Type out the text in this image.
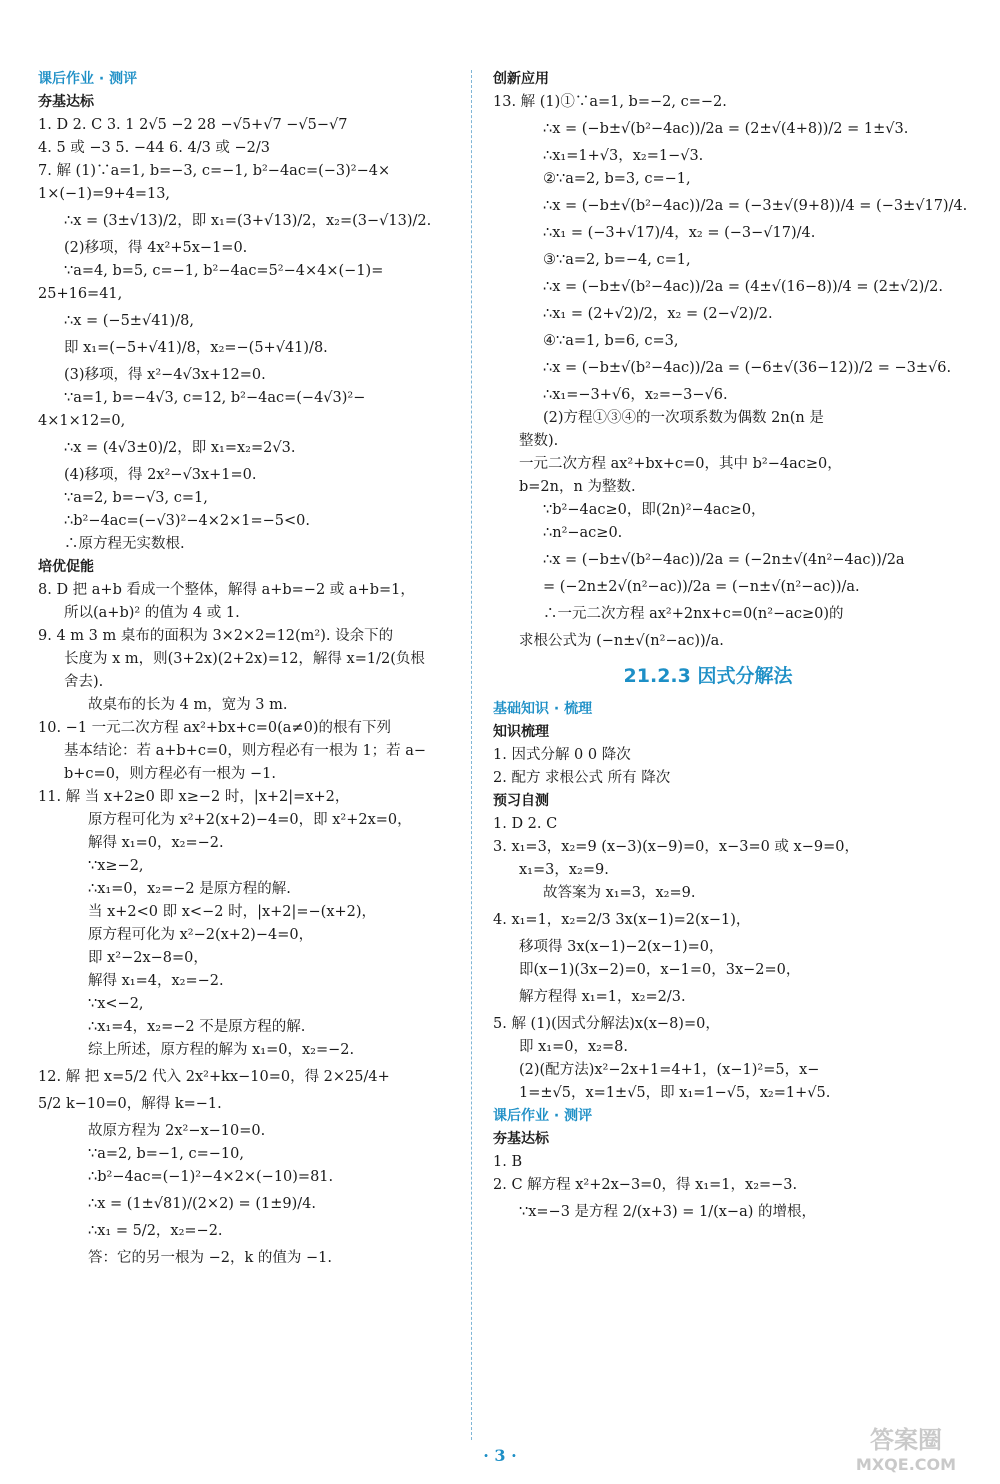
课后作业 · 测评
夯基达标
1. D 2. C 3. 1 2√5 −2 28 −√5+√7 −√5−√7
4. 5 或 −3 5. −44 6. 4/3 或 −2/3
7. 解 (1)∵a=1, b=−3, c=−1, b²−4ac=(−3)²−4×
1×(−1)=9+4=13,
∴x = (3±√13)/2，即 x₁=(3+√13)/2，x₂=(3−√13)/2.
(2)移项，得 4x²+5x−1=0.
∵a=4, b=5, c=−1, b²−4ac=5²−4×4×(−1)=
25+16=41,
∴x = (−5±√41)/8,
即 x₁=(−5+√41)/8，x₂=−(5+√41)/8.
(3)移项，得 x²−4√3x+12=0.
∵a=1, b=−4√3, c=12, b²−4ac=(−4√3)²−
4×1×12=0,
∴x = (4√3±0)/2，即 x₁=x₂=2√3.
(4)移项，得 2x²−√3x+1=0.
∵a=2, b=−√3, c=1,
∴b²−4ac=(−√3)²−4×2×1=−5<0.
∴原方程无实数根.
培优促能
8. D 把 a+b 看成一个整体，解得 a+b=−2 或 a+b=1，
所以(a+b)² 的值为 4 或 1.
9. 4 m 3 m 桌布的面积为 3×2×2=12(m²). 设余下的
长度为 x m，则(3+2x)(2+2x)=12，解得 x=1/2(负根
舍去).
故桌布的长为 4 m，宽为 3 m.
10. −1 一元二次方程 ax²+bx+c=0(a≠0)的根有下列
基本结论：若 a+b+c=0，则方程必有一根为 1；若 a−
b+c=0，则方程必有一根为 −1.
11. 解 当 x+2≥0 即 x≥−2 时，|x+2|=x+2，
原方程可化为 x²+2(x+2)−4=0，即 x²+2x=0，
解得 x₁=0，x₂=−2.
∵x≥−2,
∴x₁=0，x₂=−2 是原方程的解.
当 x+2<0 即 x<−2 时，|x+2|=−(x+2)，
原方程可化为 x²−2(x+2)−4=0，
即 x²−2x−8=0，
解得 x₁=4，x₂=−2.
∵x<−2,
∴x₁=4，x₂=−2 不是原方程的解.
综上所述，原方程的解为 x₁=0，x₂=−2.
12. 解 把 x=5/2 代入 2x²+kx−10=0，得 2×25/4+
5/2 k−10=0，解得 k=−1.
故原方程为 2x²−x−10=0.
∵a=2, b=−1, c=−10,
∴b²−4ac=(−1)²−4×2×(−10)=81.
∴x = (1±√81)/(2×2) = (1±9)/4.
∴x₁ = 5/2，x₂=−2.
答：它的另一根为 −2，k 的值为 −1.
创新应用
13. 解 (1)①∵a=1, b=−2, c=−2.
∴x = (−b±√(b²−4ac))/2a = (2±√(4+8))/2 = 1±√3.
∴x₁=1+√3，x₂=1−√3.
②∵a=2, b=3, c=−1,
∴x = (−b±√(b²−4ac))/2a = (−3±√(9+8))/4 = (−3±√17)/4.
∴x₁ = (−3+√17)/4，x₂ = (−3−√17)/4.
③∵a=2, b=−4, c=1,
∴x = (−b±√(b²−4ac))/2a = (4±√(16−8))/4 = (2±√2)/2.
∴x₁ = (2+√2)/2，x₂ = (2−√2)/2.
④∵a=1, b=6, c=3,
∴x = (−b±√(b²−4ac))/2a = (−6±√(36−12))/2 = −3±√6.
∴x₁=−3+√6，x₂=−3−√6.
(2)方程①③④的一次项系数为偶数 2n(n 是
整数).
一元二次方程 ax²+bx+c=0，其中 b²−4ac≥0，
b=2n，n 为整数.
∵b²−4ac≥0，即(2n)²−4ac≥0，
∴n²−ac≥0.
∴x = (−b±√(b²−4ac))/2a = (−2n±√(4n²−4ac))/2a
= (−2n±2√(n²−ac))/2a = (−n±√(n²−ac))/a.
∴一元二次方程 ax²+2nx+c=0(n²−ac≥0)的
求根公式为 (−n±√(n²−ac))/a.
21.2.3 因式分解法
基础知识 · 梳理
知识梳理
1. 因式分解 0 0 降次
2. 配方 求根公式 所有 降次
预习自测
1. D 2. C
3. x₁=3，x₂=9 (x−3)(x−9)=0，x−3=0 或 x−9=0，
x₁=3，x₂=9.
故答案为 x₁=3，x₂=9.
4. x₁=1，x₂=2/3 3x(x−1)=2(x−1)，
移项得 3x(x−1)−2(x−1)=0，
即(x−1)(3x−2)=0，x−1=0，3x−2=0，
解方程得 x₁=1，x₂=2/3.
5. 解 (1)(因式分解法)x(x−8)=0，
即 x₁=0，x₂=8.
(2)(配方法)x²−2x+1=4+1，(x−1)²=5，x−
1=±√5，x=1±√5，即 x₁=1−√5，x₂=1+√5.
课后作业 · 测评
夯基达标
1. B
2. C 解方程 x²+2x−3=0，得 x₁=1，x₂=−3.
∵x=−3 是方程 2/(x+3) = 1/(x−a) 的增根，
· 3 ·
答案圈
MXQE.COM
